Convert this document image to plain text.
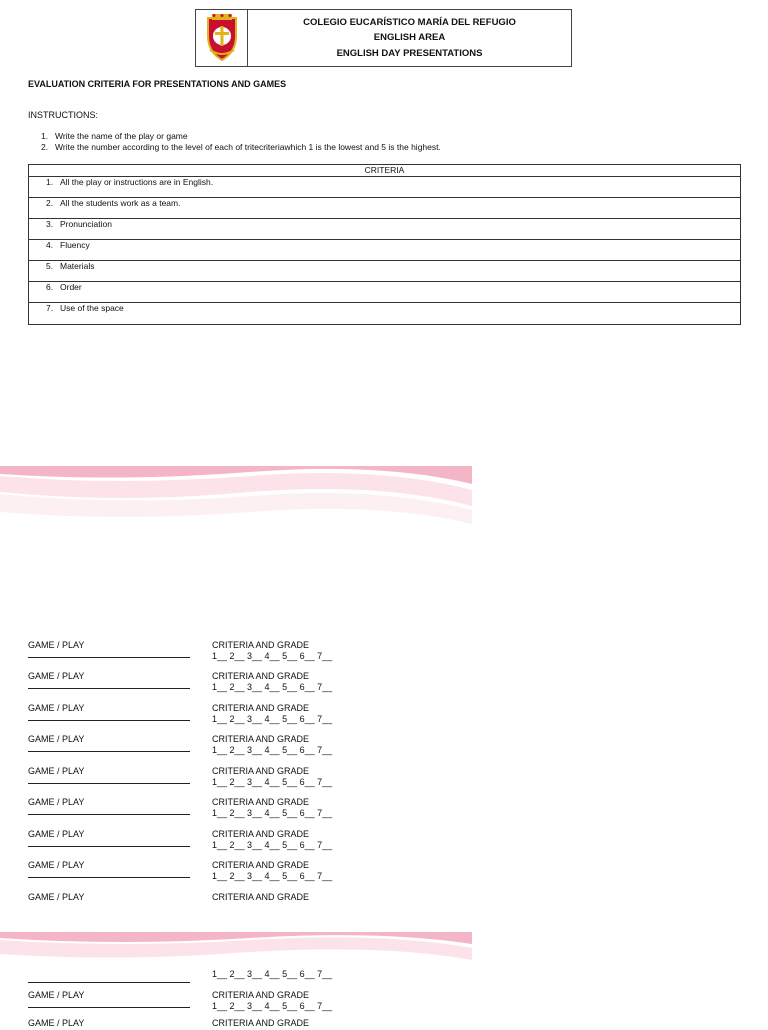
COLEGIO EUCARÍSTICO MARÍA DEL REFUGIO
ENGLISH AREA
ENGLISH DAY PRESENTATIONS
EVALUATION CRITERIA FOR PRESENTATIONS AND GAMES
INSTRUCTIONS:
1. Write the name of the play or game
2. Write the number according to the level of each of tritecriteriawhich 1 is the lowest and 5 is the highest.
CRITERIA
1. All the play or instructions are in English.
2. All the students work as a team.
3. Pronunciation
4. Fluency
5. Materials
6. Order
7. Use of the space
GAME / PLAY	CRITERIA AND GRADE
1__ 2__ 3__ 4__ 5__ 6__ 7__
GAME / PLAY	CRITERIA AND GRADE
1__ 2__ 3__ 4__ 5__ 6__ 7__
GAME / PLAY	CRITERIA AND GRADE
1__ 2__ 3__ 4__ 5__ 6__ 7__
GAME / PLAY	CRITERIA AND GRADE
1__ 2__ 3__ 4__ 5__ 6__ 7__
GAME / PLAY	CRITERIA AND GRADE
1__ 2__ 3__ 4__ 5__ 6__ 7__
GAME / PLAY	CRITERIA AND GRADE
1__ 2__ 3__ 4__ 5__ 6__ 7__
GAME / PLAY	CRITERIA AND GRADE
1__ 2__ 3__ 4__ 5__ 6__ 7__
GAME / PLAY	CRITERIA AND GRADE
1__ 2__ 3__ 4__ 5__ 6__ 7__
GAME / PLAY	CRITERIA AND GRADE
1__ 2__ 3__ 4__ 5__ 6__ 7__
GAME / PLAY	CRITERIA AND GRADE
1__ 2__ 3__ 4__ 5__ 6__ 7__
GAME / PLAY	CRITERIA AND GRADE
